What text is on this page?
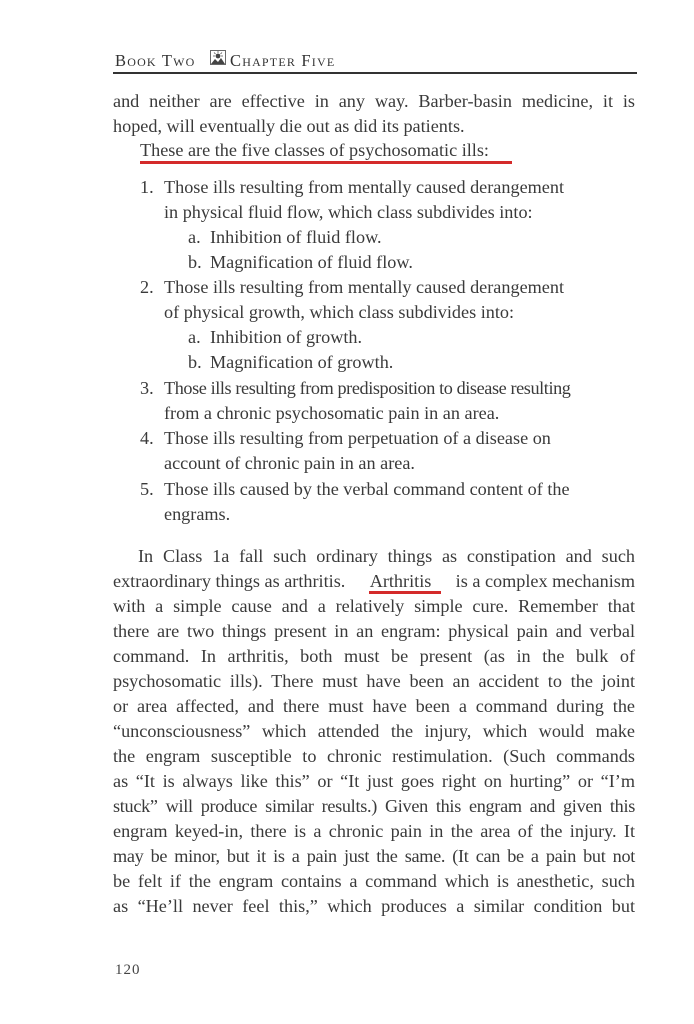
Book Two Chapter Five
and neither are effective in any way. Barber-basin medicine, it is
hoped, will eventually die out as did its patients.
These are the five classes of psychosomatic ills:
1. Those ills resulting from mentally caused derangement
in physical fluid flow, which class subdivides into:
a. Inhibition of fluid flow.
b. Magnification of fluid flow.
2. Those ills resulting from mentally caused derangement
of physical growth, which class subdivides into:
a. Inhibition of growth.
b. Magnification of growth.
3. Those ills resulting from predisposition to disease resulting
from a chronic psychosomatic pain in an area.
4. Those ills resulting from perpetuation of a disease on
account of chronic pain in an area.
5. Those ills caused by the verbal command content of the
engrams.
In Class 1a fall such ordinary things as constipation and such
extraordinary things as arthritis. Arthritis is a complex mechanism
with a simple cause and a relatively simple cure. Remember that
there are two things present in an engram: physical pain and verbal
command. In arthritis, both must be present (as in the bulk of
psychosomatic ills). There must have been an accident to the joint
or area affected, and there must have been a command during the
“unconsciousness” which attended the injury, which would make
the engram susceptible to chronic restimulation. (Such commands
as “It is always like this” or “It just goes right on hurting” or “I’m
stuck” will produce similar results.) Given this engram and given this
engram keyed-in, there is a chronic pain in the area of the injury. It
may be minor, but it is a pain just the same. (It can be a pain but not
be felt if the engram contains a command which is anesthetic, such
as “He’ll never feel this,” which produces a similar condition but
120
